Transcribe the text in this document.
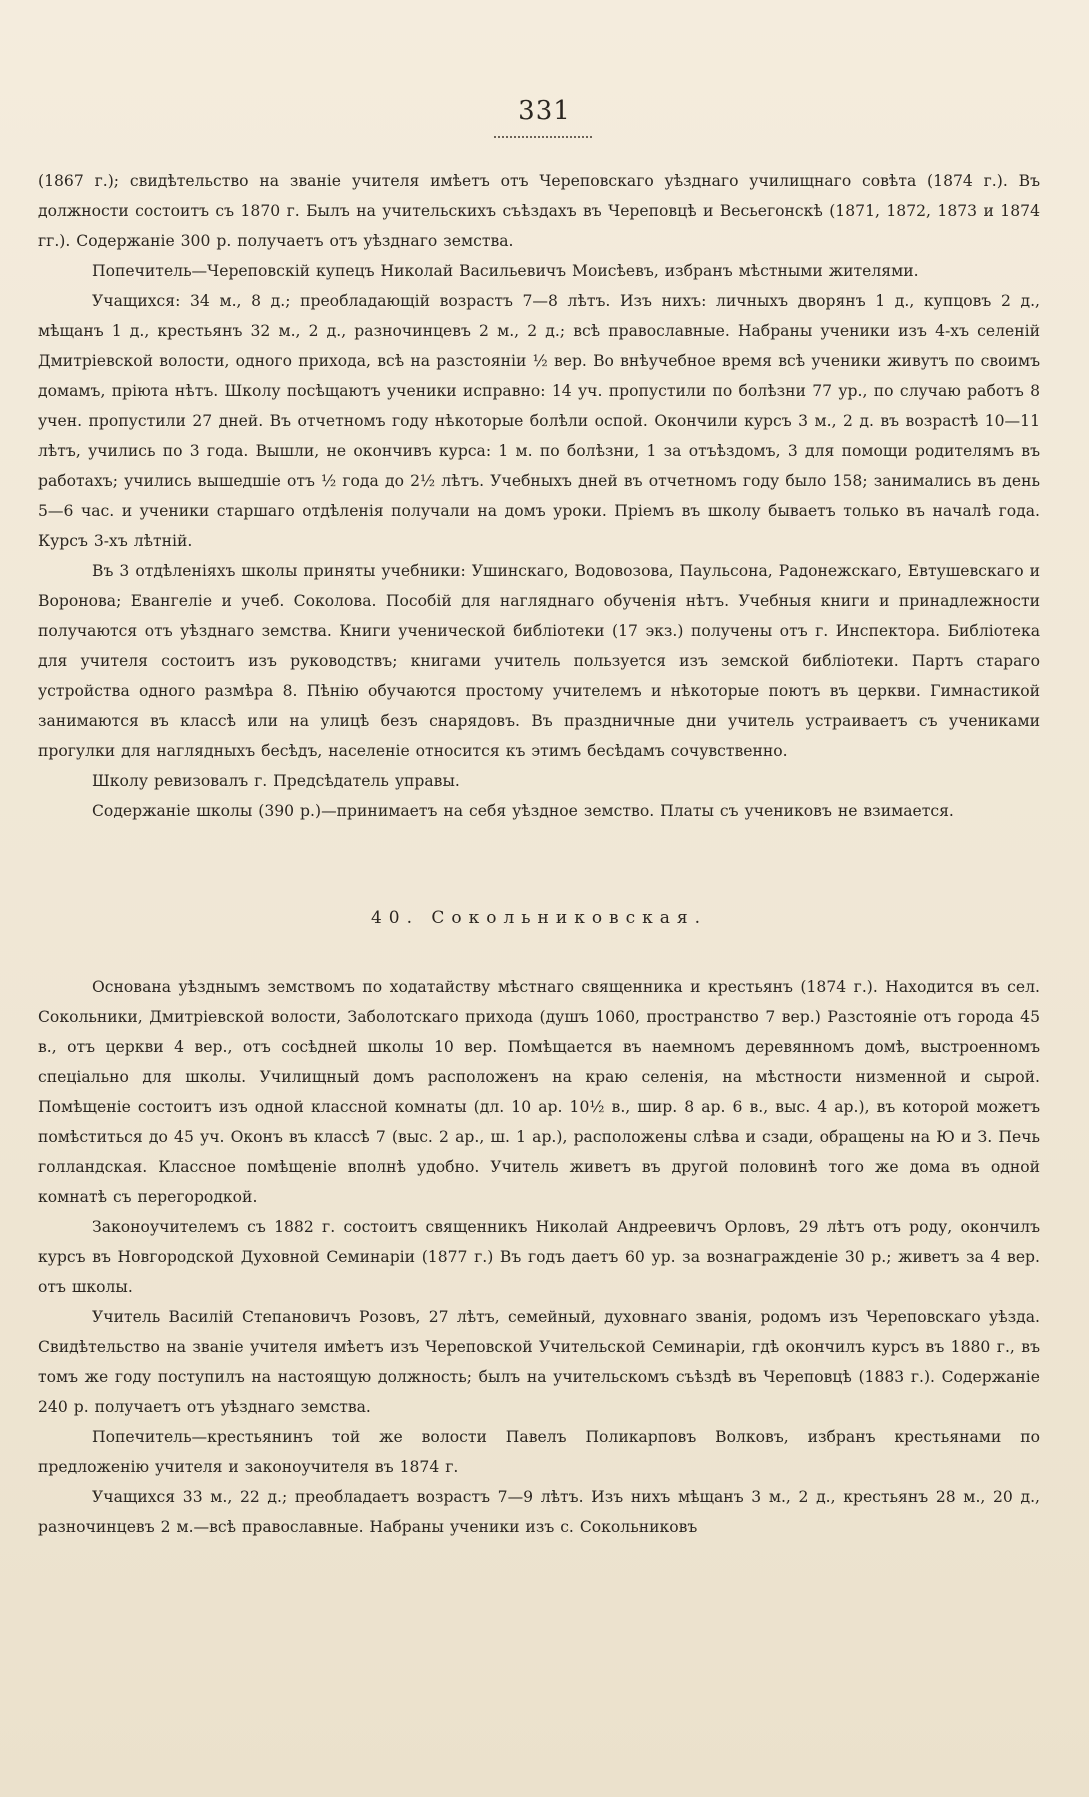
331

(1867 г.); свидѣтельство на званіе учителя имѣетъ отъ Череповскаго уѣзднаго училищнаго совѣта (1874 г.). Въ должности состоитъ съ 1870 г. Былъ на учительскихъ съѣздахъ въ Череповцѣ и Весьегонскѣ (1871, 1872, 1873 и 1874 гг.). Содержаніе 300 р. получаетъ отъ уѣзднаго земства.

Попечитель—Череповскій купецъ Николай Васильевичъ Моисѣевъ, избранъ мѣстными жителями.

Учащихся: 34 м., 8 д.; преобладающій возрастъ 7—8 лѣтъ. Изъ нихъ: личныхъ дворянъ 1 д., купцовъ 2 д., мѣщанъ 1 д., крестьянъ 32 м., 2 д., разночинцевъ 2 м., 2 д.; всѣ православные. Набраны ученики изъ 4-хъ селеній Дмитріевской волости, одного прихода, всѣ на разстояніи ½ вер. Во внѣучебное время всѣ ученики живутъ по своимъ домамъ, пріюта нѣтъ. Школу посѣщаютъ ученики исправно: 14 уч. пропустили по болѣзни 77 ур., по случаю работъ 8 учен. пропустили 27 дней. Въ отчетномъ году нѣкоторые болѣли оспой. Окончили курсъ 3 м., 2 д. въ возрастѣ 10—11 лѣтъ, учились по 3 года. Вышли, не окончивъ курса: 1 м. по болѣзни, 1 за отъѣздомъ, 3 для помощи родителямъ въ работахъ; учились вышедшіе отъ ½ года до 2½ лѣтъ. Учебныхъ дней въ отчетномъ году было 158; занимались въ день 5—6 час. и ученики старшаго отдѣленія получали на домъ уроки. Пріемъ въ школу бываетъ только въ началѣ года. Курсъ 3-хъ лѣтній.

Въ 3 отдѣленіяхъ школы приняты учебники: Ушинскаго, Водовозова, Паульсона, Радонежскаго, Евтушевскаго и Воронова; Евангеліе и учеб. Соколова. Пособій для нагляднаго обученія нѣтъ. Учебныя книги и принадлежности получаются отъ уѣзднаго земства. Книги ученической библіотеки (17 экз.) получены отъ г. Инспектора. Библіотека для учителя состоитъ изъ руководствъ; книгами учитель пользуется изъ земской библіотеки. Партъ стараго устройства одного размѣра 8. Пѣнію обучаются простому учителемъ и нѣкоторые поютъ въ церкви. Гимнастикой занимаются въ классѣ или на улицѣ безъ снарядовъ. Въ праздничные дни учитель устраиваетъ съ учениками прогулки для наглядныхъ бесѣдъ, населеніе относится къ этимъ бесѣдамъ сочувственно.

Школу ревизовалъ г. Предсѣдатель управы.

Содержаніе школы (390 р.)—принимаетъ на себя уѣздное земство. Платы съ учениковъ не взимается.

40. Сокольниковская.

Основана уѣзднымъ земствомъ по ходатайству мѣстнаго священника и крестьянъ (1874 г.). Находится въ сел. Сокольники, Дмитріевской волости, Заболотскаго прихода (душъ 1060, пространство 7 вер.) Разстояніе отъ города 45 в., отъ церкви 4 вер., отъ сосѣдней школы 10 вер. Помѣщается въ наемномъ деревянномъ домѣ, выстроенномъ спеціально для школы. Училищный домъ расположенъ на краю селенія, на мѣстности низменной и сырой. Помѣщеніе состоитъ изъ одной классной комнаты (дл. 10 ар. 10½ в., шир. 8 ар. 6 в., выс. 4 ар.), въ которой можетъ помѣститься до 45 уч. Оконъ въ классѣ 7 (выс. 2 ар., ш. 1 ар.), расположены слѣва и сзади, обращены на Ю и З. Печь голландская. Классное помѣщеніе вполнѣ удобно. Учитель живетъ въ другой половинѣ того же дома въ одной комнатѣ съ перегородкой.

Законоучителемъ съ 1882 г. состоитъ священникъ Николай Андреевичъ Орловъ, 29 лѣтъ отъ роду, окончилъ курсъ въ Новгородской Духовной Семинаріи (1877 г.) Въ годъ даетъ 60 ур. за вознагражденіе 30 р.; живетъ за 4 вер. отъ школы.

Учитель Василій Степановичъ Розовъ, 27 лѣтъ, семейный, духовнаго званія, родомъ изъ Череповскаго уѣзда. Свидѣтельство на званіе учителя имѣетъ изъ Череповской Учительской Семинаріи, гдѣ окончилъ курсъ въ 1880 г., въ томъ же году поступилъ на настоящую должность; былъ на учительскомъ съѣздѣ въ Череповцѣ (1883 г.). Содержаніе 240 р. получаетъ отъ уѣзднаго земства.

Попечитель—крестьянинъ той же волости Павелъ Поликарповъ Волковъ, избранъ крестьянами по предложенію учителя и законоучителя въ 1874 г.

Учащихся 33 м., 22 д.; преобладаетъ возрастъ 7—9 лѣтъ. Изъ нихъ мѣщанъ 3 м., 2 д., крестьянъ 28 м., 20 д., разночинцевъ 2 м.—всѣ православные. Набраны ученики изъ с. Сокольниковъ
